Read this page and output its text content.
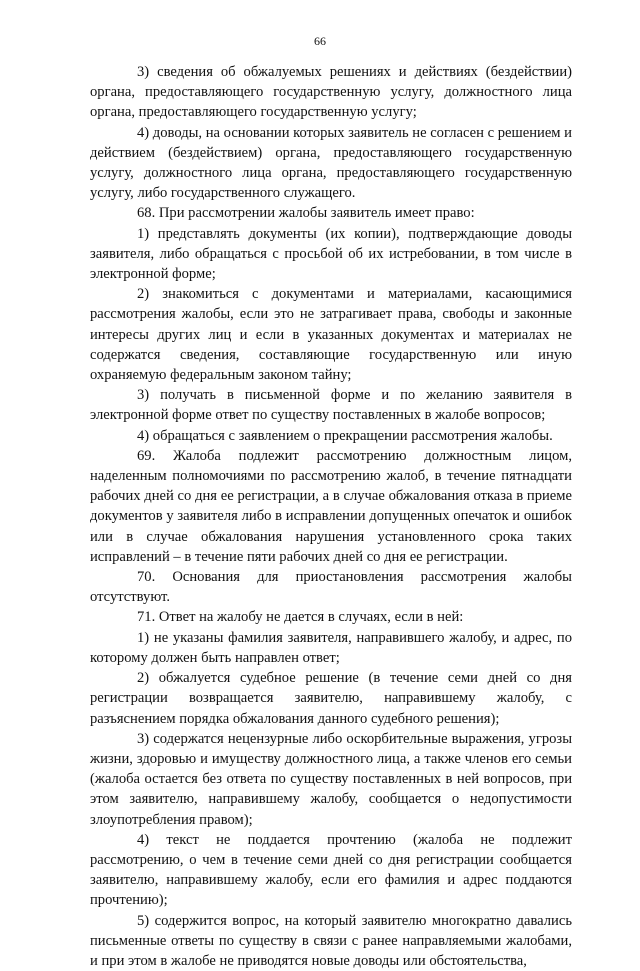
66

3) сведения об обжалуемых решениях и действиях (бездействии) органа, предоставляющего государственную услугу, должностного лица органа, предоставляющего государственную услугу;

4) доводы, на основании которых заявитель не согласен с решением и действием (бездействием) органа, предоставляющего государственную услугу, должностного лица органа, предоставляющего государственную услугу, либо государственного служащего.

68. При рассмотрении жалобы заявитель имеет право:

1) представлять документы (их копии), подтверждающие доводы заявителя, либо обращаться с просьбой об их истребовании, в том числе в электронной форме;

2) знакомиться с документами и материалами, касающимися рассмотрения жалобы, если это не затрагивает права, свободы и законные интересы других лиц и если в указанных документах и материалах не содержатся сведения, составляющие государственную или иную охраняемую федеральным законом тайну;

3) получать в письменной форме и по желанию заявителя в электронной форме ответ по существу поставленных в жалобе вопросов;

4) обращаться с заявлением о прекращении рассмотрения жалобы.

69. Жалоба подлежит рассмотрению должностным лицом, наделенным полномочиями по рассмотрению жалоб, в течение пятнадцати рабочих дней со дня ее регистрации, а в случае обжалования отказа в приеме документов у заявителя либо в исправлении допущенных опечаток и ошибок или в случае обжалования нарушения установленного срока таких исправлений – в течение пяти рабочих дней со дня ее регистрации.

70. Основания для приостановления рассмотрения жалобы отсутствуют.

71. Ответ на жалобу не дается в случаях, если в ней:

1) не указаны фамилия заявителя, направившего жалобу, и адрес, по которому должен быть направлен ответ;

2) обжалуется судебное решение (в течение семи дней со дня регистрации возвращается заявителю, направившему жалобу, с разъяснением порядка обжалования данного судебного решения);

3) содержатся нецензурные либо оскорбительные выражения, угрозы жизни, здоровью и имуществу должностного лица, а также членов его семьи (жалоба остается без ответа по существу поставленных в ней вопросов, при этом заявителю, направившему жалобу, сообщается о недопустимости злоупотребления правом);

4) текст не поддается прочтению (жалоба не подлежит рассмотрению, о чем в течение семи дней со дня регистрации сообщается заявителю, направившему жалобу, если его фамилия и адрес поддаются прочтению);

5) содержится вопрос, на который заявителю многократно давались письменные ответы по существу в связи с ранее направляемыми жалобами, и при этом в жалобе не приводятся новые доводы или обстоятельства,
